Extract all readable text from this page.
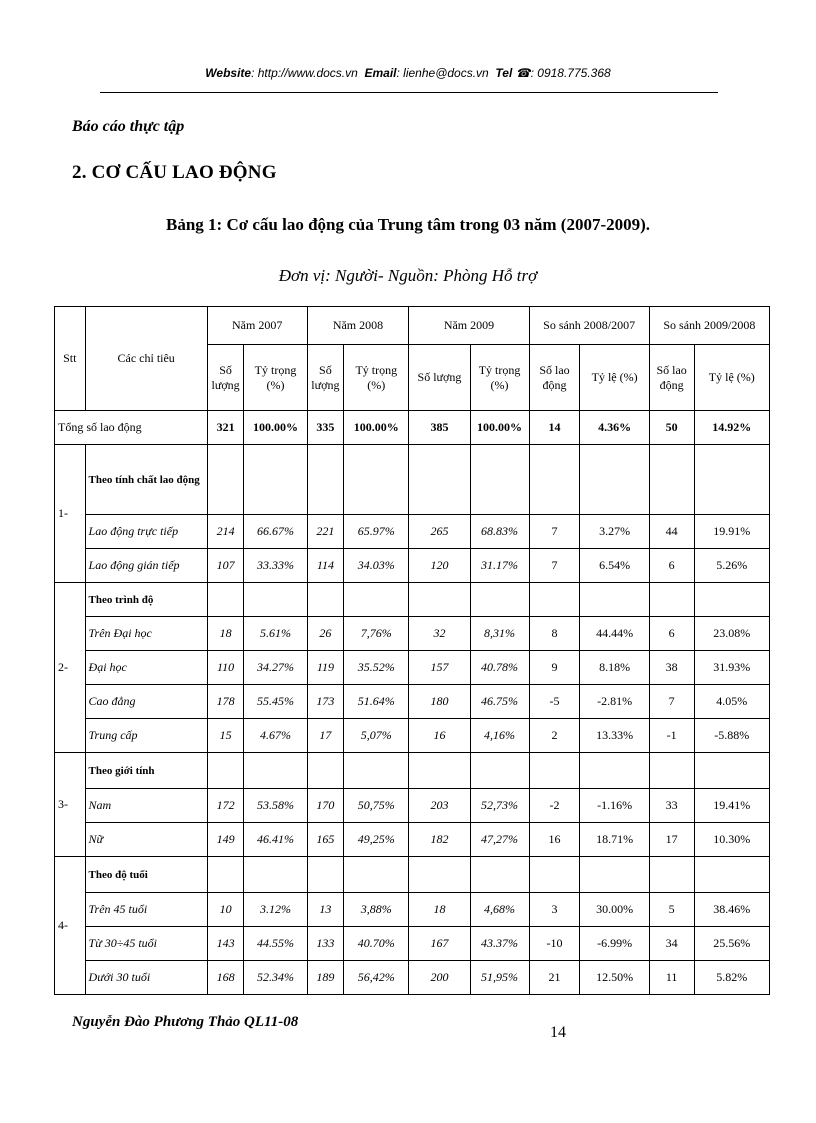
Website: http://www.docs.vn Email: lienhe@docs.vn Tel ☎: 0918.775.368
Báo cáo thực tập
2. CƠ CẤU LAO ĐỘNG
Bảng 1: Cơ cấu lao động của Trung tâm trong 03 năm (2007-2009).
Đơn vị: Người- Nguồn: Phòng Hỗ trợ
Stt	Các chỉ tiêu	Năm 2007		Năm 2008		Năm 2009		So sánh 2008/2007		So sánh 2009/2008	
		Số lượng	Tỷ trọng (%)	Số lượng	Tỷ trọng (%)	Số lượng	Tỷ trọng (%)	Số lao động	Tỷ lệ (%)	Số lao động	Tỷ lệ (%)
Tổng số lao động		321	100.00%	335	100.00%	385	100.00%	14	4.36%	50	14.92%
1-	Theo tính chất lao động										
	Lao động trực tiếp	214	66.67%	221	65.97%	265	68.83%	7	3.27%	44	19.91%
	Lao động gián tiếp	107	33.33%	114	34.03%	120	31.17%	7	6.54%	6	5.26%
2-	Theo trình độ										
	Trên Đại học	18	5.61%	26	7,76%	32	8,31%	8	44.44%	6	23.08%
	Đại học	110	34.27%	119	35.52%	157	40.78%	9	8.18%	38	31.93%
	Cao đẳng	178	55.45%	173	51.64%	180	46.75%	-5	-2.81%	7	4.05%
	Trung cấp	15	4.67%	17	5,07%	16	4,16%	2	13.33%	-1	-5.88%
3-	Theo giới tính										
	Nam	172	53.58%	170	50,75%	203	52,73%	-2	-1.16%	33	19.41%
	Nữ	149	46.41%	165	49,25%	182	47,27%	16	18.71%	17	10.30%
4-	Theo độ tuổi										
	Trên 45 tuổi	10	3.12%	13	3,88%	18	4,68%	3	30.00%	5	38.46%
	Từ 30÷45 tuổi	143	44.55%	133	40.70%	167	43.37%	-10	-6.99%	34	25.56%
	Dưới 30 tuổi	168	52.34%	189	56,42%	200	51,95%	21	12.50%	11	5.82%
Nguyễn Đào Phương Thảo QL11-08
14
